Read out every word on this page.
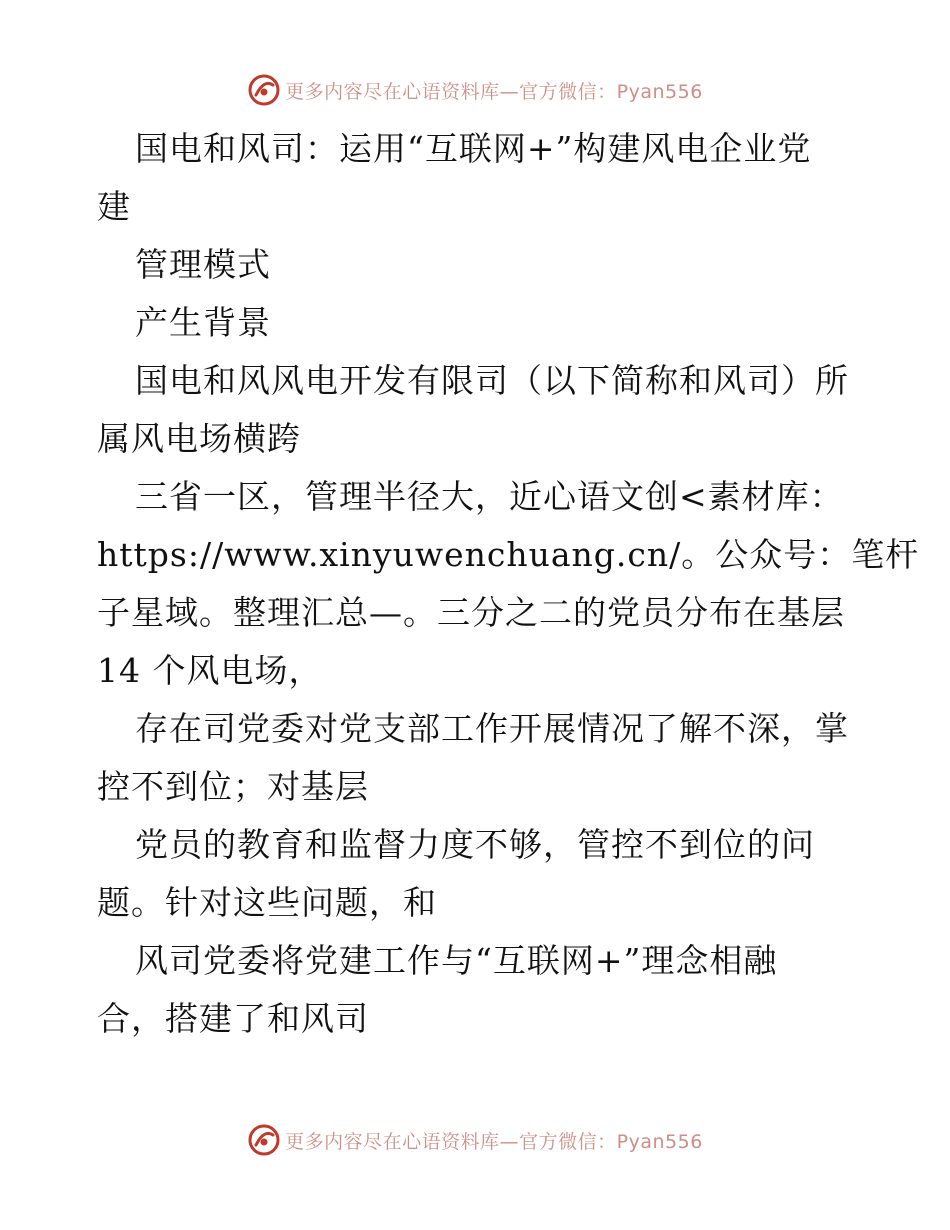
更多内容尽在心语资料库—官方微信：Pyan556
国电和风司：运用“互联网+”构建风电企业党
建
管理模式
产生背景
国电和风风电开发有限司（以下简称和风司）所
属风电场横跨
三省一区，管理半径大，近心语文创<素材库：
https://www.xinyuwenchuang.cn/。公众号：笔杆
子星域。整理汇总—。三分之二的党员分布在基层
14 个风电场，
存在司党委对党支部工作开展情况了解不深，掌
控不到位；对基层
党员的教育和监督力度不够，管控不到位的问
题。针对这些问题，和
风司党委将党建工作与“互联网+”理念相融
合，搭建了和风司
更多内容尽在心语资料库—官方微信：Pyan556
